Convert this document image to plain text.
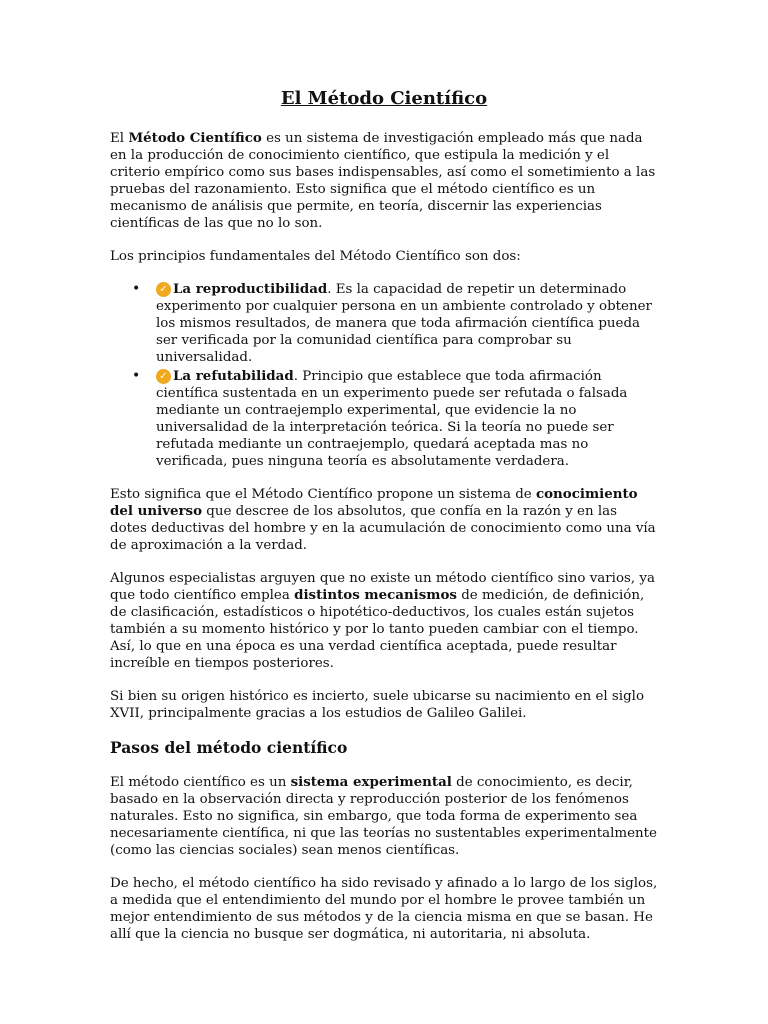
El Método Científico

El Método Científico es un sistema de investigación empleado más que nada en la producción de conocimiento científico, que estipula la medición y el criterio empírico como sus bases indispensables, así como el sometimiento a las pruebas del razonamiento. Esto significa que el método científico es un mecanismo de análisis que permite, en teoría, discernir las experiencias científicas de las que no lo son.

Los principios fundamentales del Método Científico son dos:

• ✓ La reproductibilidad. Es la capacidad de repetir un determinado experimento por cualquier persona en un ambiente controlado y obtener los mismos resultados, de manera que toda afirmación científica pueda ser verificada por la comunidad científica para comprobar su universalidad.
• ✓ La refutabilidad. Principio que establece que toda afirmación científica sustentada en un experimento puede ser refutada o falsada mediante un contraejemplo experimental, que evidencie la no universalidad de la interpretación teórica. Si la teoría no puede ser refutada mediante un contraejemplo, quedará aceptada mas no verificada, pues ninguna teoría es absolutamente verdadera.

Esto significa que el Método Científico propone un sistema de conocimiento del universo que descree de los absolutos, que confía en la razón y en las dotes deductivas del hombre y en la acumulación de conocimiento como una vía de aproximación a la verdad.

Algunos especialistas arguyen que no existe un método científico sino varios, ya que todo científico emplea distintos mecanismos de medición, de definición, de clasificación, estadísticos o hipotético-deductivos, los cuales están sujetos también a su momento histórico y por lo tanto pueden cambiar con el tiempo. Así, lo que en una época es una verdad científica aceptada, puede resultar increíble en tiempos posteriores.

Si bien su origen histórico es incierto, suele ubicarse su nacimiento en el siglo XVII, principalmente gracias a los estudios de Galileo Galilei.

Pasos del método científico

El método científico es un sistema experimental de conocimiento, es decir, basado en la observación directa y reproducción posterior de los fenómenos naturales. Esto no significa, sin embargo, que toda forma de experimento sea necesariamente científica, ni que las teorías no sustentables experimentalmente (como las ciencias sociales) sean menos científicas.

De hecho, el método científico ha sido revisado y afinado a lo largo de los siglos, a medida que el entendimiento del mundo por el hombre le provee también un mejor entendimiento de sus métodos y de la ciencia misma en que se basan. He allí que la ciencia no busque ser dogmática, ni autoritaria, ni absoluta.
